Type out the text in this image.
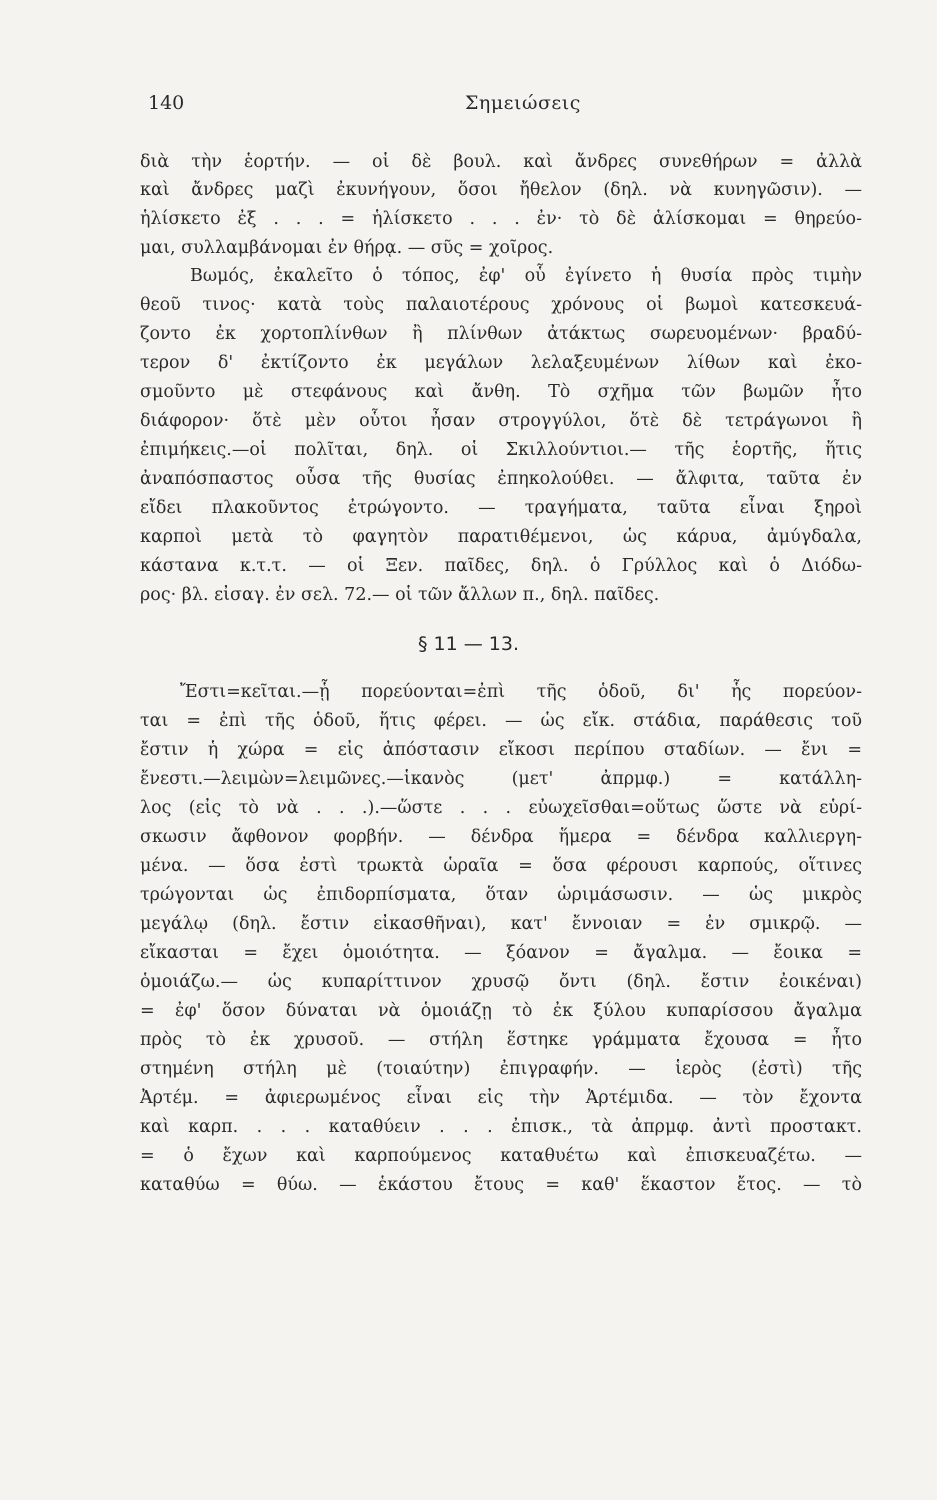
140	Σημειώσεις
διὰ τὴν ἑορτήν. — οἱ δὲ βουλ. καὶ ἄνδρες συνεθήρων = ἀλλὰ
καὶ ἄνδρες μαζὶ ἐκυνήγουν, ὅσοι ἤθελον (δηλ. νὰ κυνηγῶσιν). —
ἡλίσκετο ἐξ . . . = ἡλίσκετο . . . ἐν· τὸ δὲ ἁλίσκομαι = θηρεύο-
μαι, συλλαμβάνομαι ἐν θήρᾳ. — σῦς = χοῖρος.
Βωμός, ἐκαλεῖτο ὁ τόπος, ἐφ' οὗ ἐγίνετο ἡ θυσία πρὸς τιμὴν
θεοῦ τινος· κατὰ τοὺς παλαιοτέρους χρόνους οἱ βωμοὶ κατεσκευά-
ζοντο ἐκ χορτοπλίνθων ἢ πλίνθων ἀτάκτως σωρευομένων· βραδύ-
τερον δ' ἐκτίζοντο ἐκ μεγάλων λελαξευμένων λίθων καὶ ἐκο-
σμοῦντο μὲ στεφάνους καὶ ἄνθη. Τὸ σχῆμα τῶν βωμῶν ἦτο
διάφορον· ὅτὲ μὲν οὗτοι ἦσαν στρογγύλοι, ὅτὲ δὲ τετράγωνοι ἢ
ἐπιμήκεις.—οἱ πολῖται, δηλ. οἱ Σκιλλούντιοι.— τῆς ἑορτῆς, ἥτις
ἀναπόσπαστος οὖσα τῆς θυσίας ἐπηκολούθει. — ἄλφιτα, ταῦτα ἐν
εἴδει πλακοῦντος ἐτρώγοντο. — τραγήματα, ταῦτα εἶναι ξηροὶ
καρποὶ μετὰ τὸ φαγητὸν παρατιθέμενοι, ὡς κάρυα, ἀμύγδαλα,
κάστανα κ.τ.τ. — οἱ Ξεν. παῖδες, δηλ. ὁ Γρύλλος καὶ ὁ Διόδω-
ρος· βλ. εἰσαγ. ἐν σελ. 72.— οἱ τῶν ἄλλων π., δηλ. παῖδες.
§ 11 — 13.
Ἔστι=κεῖται.—ᾗ πορεύονται=ἐπὶ τῆς ὁδοῦ, δι' ἧς πορεύον-
ται = ἐπὶ τῆς ὁδοῦ, ἥτις φέρει. — ὡς εἴκ. στάδια, παράθεσις τοῦ
ἔστιν ἡ χώρα = εἰς ἀπόστασιν εἴκοσι περίπου σταδίων. — ἔνι =
ἔνεστι.—λειμὼν=λειμῶνες.—ἱκανὸς (μετ' ἀπρμφ.) = κατάλλη-
λος (εἰς τὸ νὰ . . .).—ὥστε . . . εὐωχεῖσθαι=οὕτως ὥστε νὰ εὑρί-
σκωσιν ἄφθονον φορβήν. — δένδρα ἥμερα = δένδρα καλλιεργη-
μένα. — ὅσα ἐστὶ τρωκτὰ ὡραῖα = ὅσα φέρουσι καρπούς, οἵτινες
τρώγονται ὡς ἐπιδορπίσματα, ὅταν ὡριμάσωσιν. — ὡς μικρὸς
μεγάλῳ (δηλ. ἔστιν εἰκασθῆναι), κατ' ἔννοιαν = ἐν σμικρῷ. —
εἴκασται = ἔχει ὁμοιότητα. — ξόανον = ἄγαλμα. — ἔοικα =
ὁμοιάζω.— ὡς κυπαρίττινον χρυσῷ ὄντι (δηλ. ἔστιν ἐοικέναι)
= ἐφ' ὅσον δύναται νὰ ὁμοιάζῃ τὸ ἐκ ξύλου κυπαρίσσου ἄγαλμα
πρὸς τὸ ἐκ χρυσοῦ. — στήλη ἕστηκε γράμματα ἔχουσα = ἦτο
στημένη στήλη μὲ (τοιαύτην) ἐπιγραφήν. — ἱερὸς (ἐστὶ) τῆς
Ἀρτέμ. = ἀφιερωμένος εἶναι εἰς τὴν Ἀρτέμιδα. — τὸν ἔχοντα
καὶ καρπ. . . . καταθύειν . . . ἐπισκ., τὰ ἀπρμφ. ἀντὶ προστακτ.
= ὁ ἔχων καὶ καρπούμενος καταθυέτω καὶ ἐπισκευαζέτω. —
καταθύω = θύω. — ἑκάστου ἔτους = καθ' ἕκαστον ἔτος. — τὸ
